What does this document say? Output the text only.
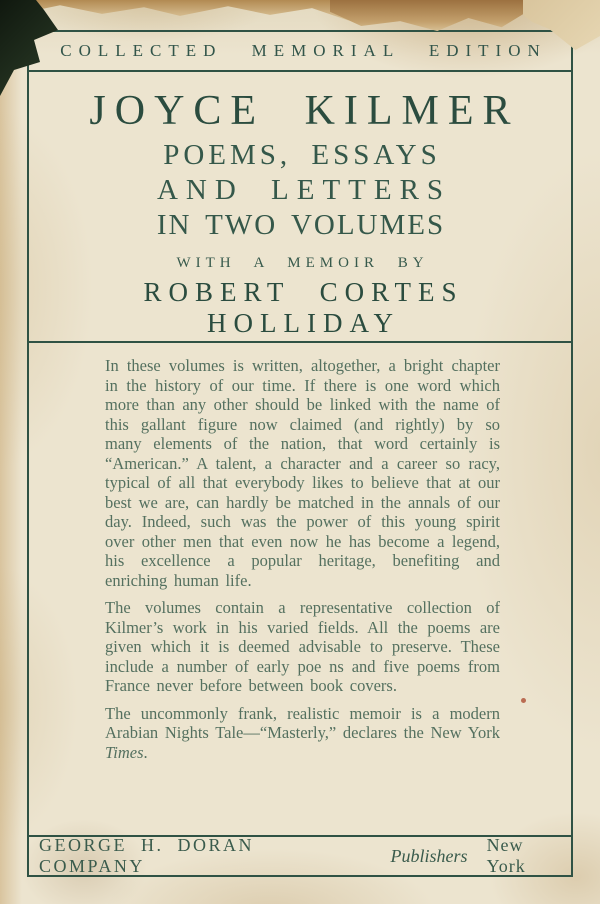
COLLECTED MEMORIAL EDITION
JOYCE KILMER
POEMS, ESSAYS
AND LETTERS
IN TWO VOLUMES
WITH A MEMOIR BY
ROBERT CORTES HOLLIDAY

In these volumes is written, altogether, a bright chapter in the history of our time. If there is one word which more than any other should be linked with the name of this gallant figure now claimed (and rightly) by so many elements of the nation, that word certainly is “American.” A talent, a character and a career so racy, typical of all that everybody likes to believe that at our best we are, can hardly be matched in the annals of our day. Indeed, such was the power of this young spirit over other men that even now he has become a legend, his excellence a popular heritage, benefiting and enriching human life.

The volumes contain a representative collection of Kilmer’s work in his varied fields. All the poems are given which it is deemed advisable to preserve. These include a number of early poe ns and five poems from France never before between book covers.

The uncommonly frank, realistic memoir is a modern Arabian Nights Tale—“Masterly,” declares the New York Times.

GEORGE H. DORAN COMPANY
Publishers
New York
